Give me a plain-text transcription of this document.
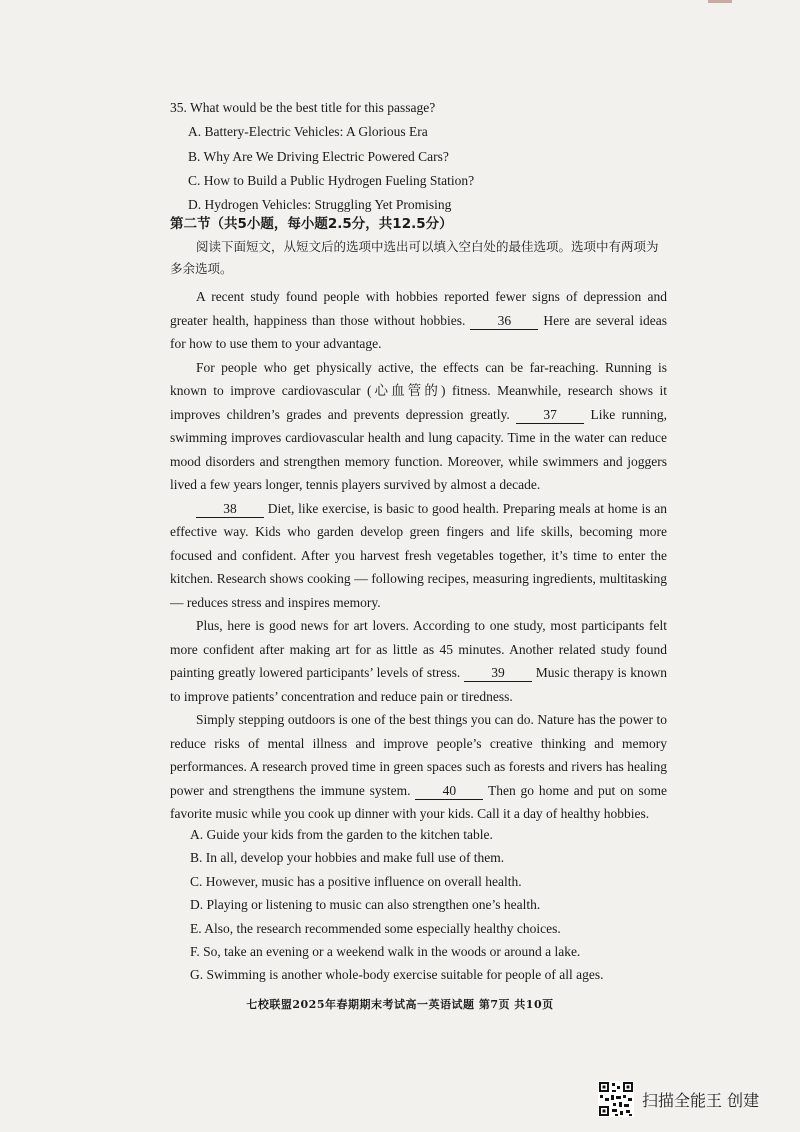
35. What would be the best title for this passage?
A. Battery-Electric Vehicles: A Glorious Era
B. Why Are We Driving Electric Powered Cars?
C. How to Build a Public Hydrogen Fueling Station?
D. Hydrogen Vehicles: Struggling Yet Promising
第二节（共5小题，每小题2.5分，共12.5分）
阅读下面短文，从短文后的选项中选出可以填入空白处的最佳选项。选项中有两项为多余选项。

A recent study found people with hobbies reported fewer signs of depression and greater health, happiness than those without hobbies. 36 Here are several ideas for how to use them to your advantage.

For people who get physically active, the effects can be far-reaching. Running is known to improve cardiovascular (心血管的) fitness. Meanwhile, research shows it improves children’s grades and prevents depression greatly. 37 Like running, swimming improves cardiovascular health and lung capacity. Time in the water can reduce mood disorders and strengthen memory function. Moreover, while swimmers and joggers lived a few years longer, tennis players survived by almost a decade.

38 Diet, like exercise, is basic to good health. Preparing meals at home is an effective way. Kids who garden develop green fingers and life skills, becoming more focused and confident. After you harvest fresh vegetables together, it’s time to enter the kitchen. Research shows cooking — following recipes, measuring ingredients, multitasking — reduces stress and inspires memory.

Plus, here is good news for art lovers. According to one study, most participants felt more confident after making art for as little as 45 minutes. Another related study found painting greatly lowered participants’ levels of stress. 39 Music therapy is known to improve patients’ concentration and reduce pain or tiredness.

Simply stepping outdoors is one of the best things you can do. Nature has the power to reduce risks of mental illness and improve people’s creative thinking and memory performances. A research proved time in green spaces such as forests and rivers has healing power and strengthens the immune system. 40 Then go home and put on some favorite music while you cook up dinner with your kids. Call it a day of healthy hobbies.

A. Guide your kids from the garden to the kitchen table.
B. In all, develop your hobbies and make full use of them.
C. However, music has a positive influence on overall health.
D. Playing or listening to music can also strengthen one’s health.
E. Also, the research recommended some especially healthy choices.
F. So, take an evening or a weekend walk in the woods or around a lake.
G. Swimming is another whole-body exercise suitable for people of all ages.
七校联盟2025年春期期末考试高一英语试题 第7页 共10页
扫描全能王 创建
